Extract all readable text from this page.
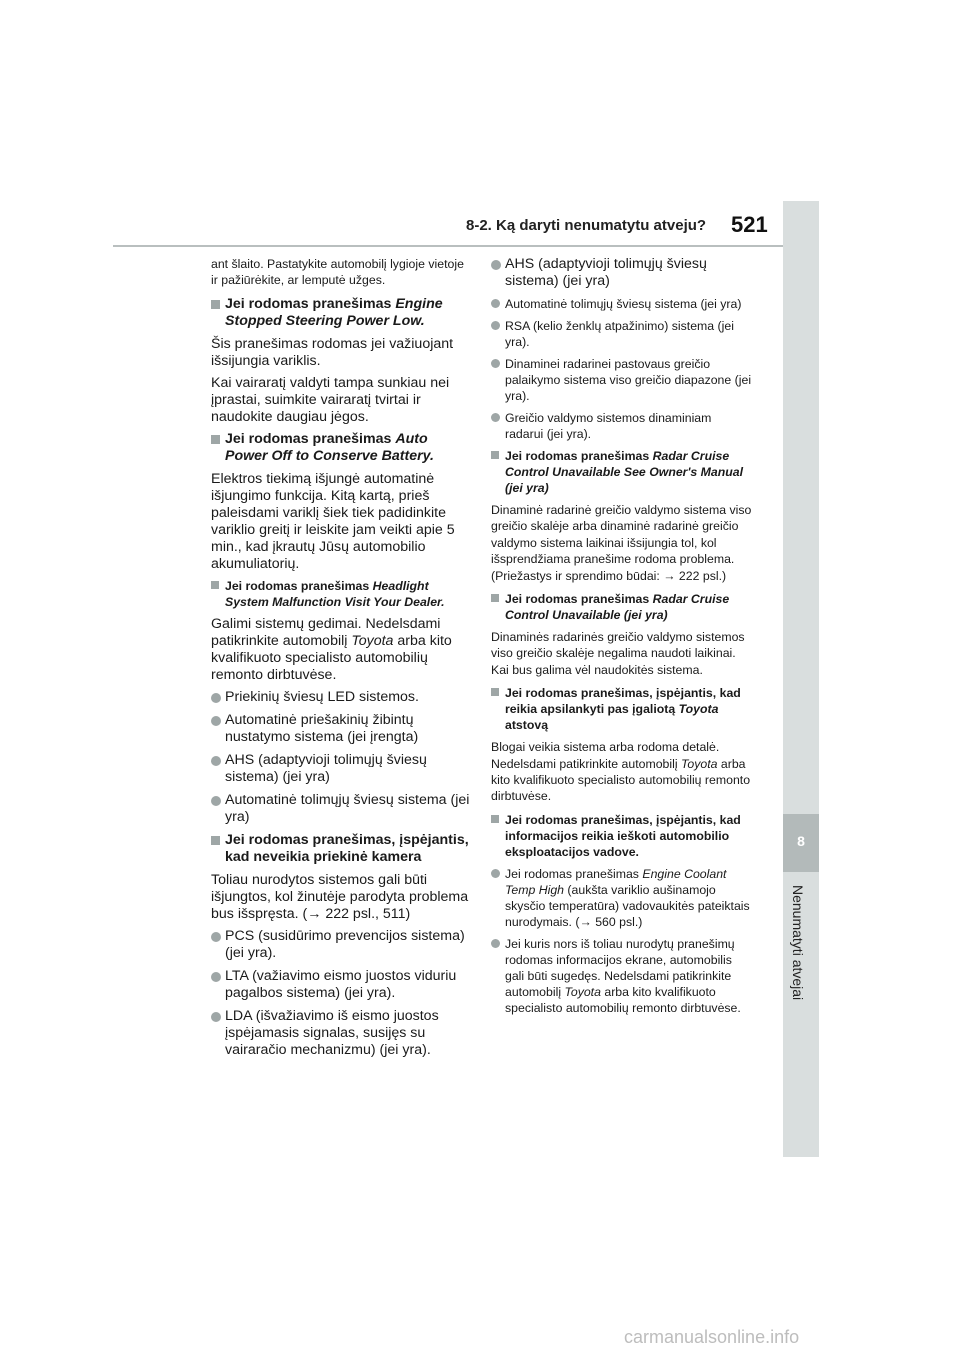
8-2. Ką daryti nenumatytu atveju? 521
8
Nenumatyti atvejai

ant šlaito. Pastatykite automobilį lygioje vietoje ir pažiūrėkite, ar lemputė užges.

Jei rodomas pranešimas Engine Stopped Steering Power Low.

Šis pranešimas rodomas jei važiuojant išsijungia variklis.

Kai vairaratį valdyti tampa sunkiau nei įprastai, suimkite vairaratį tvirtai ir naudokite daugiau jėgos.

Jei rodomas pranešimas Auto Power Off to Conserve Battery.

Elektros tiekimą išjungė automatinė išjungimo funkcija. Kitą kartą, prieš paleisdami variklį šiek tiek padidinkite variklio greitį ir leiskite jam veikti apie 5 min., kad įkrautų Jūsų automobilio akumuliatorių.

Jei rodomas pranešimas Headlight System Malfunction Visit Your Dealer.

Galimi sistemų gedimai. Nedelsdami patikrinkite automobilį Toyota arba kito kvalifikuoto specialisto automobilių remonto dirbtuvėse.

Priekinių šviesų LED sistemos.
Automatinė priešakinių žibintų nustatymo sistema (jei įrengta)
AHS (adaptyvioji tolimųjų šviesų sistema) (jei yra)
Automatinė tolimųjų šviesų sistema (jei yra)
Jei rodomas pranešimas, įspėjantis, kad neveikia priekinė kamera

Toliau nurodytos sistemos gali būti išjungtos, kol žinutėje parodyta problema bus išspręsta. (→ 222 psl., 511)

PCS (susidūrimo prevencijos sistema) (jei yra).
LTA (važiavimo eismo juostos viduriu pagalbos sistema) (jei yra).
LDA (išvažiavimo iš eismo juostos įspėjamasis signalas, susijęs su vairaračio mechanizmu) (jei yra).
AHS (adaptyvioji tolimųjų šviesų sistema) (jei yra)
Automatinė tolimųjų šviesų sistema (jei yra)
RSA (kelio ženklų atpažinimo) sistema (jei yra).
Dinaminei radarinei pastovaus greičio palaikymo sistema viso greičio diapazone (jei yra).
Greičio valdymo sistemos dinaminiam radarui (jei yra).
Jei rodomas pranešimas Radar Cruise Control Unavailable See Owner's Manual (jei yra)

Dinaminė radarinė greičio valdymo sistema viso greičio skalėje arba dinaminė radarinė greičio valdymo sistema laikinai išsijungia tol, kol išsprendžiama pranešime rodoma problema. (Priežastys ir sprendimo būdai: → 222 psl.)

Jei rodomas pranešimas Radar Cruise Control Unavailable (jei yra)

Dinaminės radarinės greičio valdymo sistemos viso greičio skalėje negalima naudoti laikinai. Kai bus galima vėl naudokitės sistema.

Jei rodomas pranešimas, įspėjantis, kad reikia apsilankyti pas įgaliotą Toyota atstovą

Blogai veikia sistema arba rodoma detalė. Nedelsdami patikrinkite automobilį Toyota arba kito kvalifikuoto specialisto automobilių remonto dirbtuvėse.

Jei rodomas pranešimas, įspėjantis, kad informacijos reikia ieškoti automobilio eksploatacijos vadove.
Jei rodomas pranešimas Engine Coolant Temp High (aukšta variklio aušinamojo skysčio temperatūra) vadovaukitės pateiktais nurodymais. (→ 560 psl.)
Jei kuris nors iš toliau nurodytų pranešimų rodomas informacijos ekrane, automobilis gali būti sugedęs. Nedelsdami patikrinkite automobilį Toyota arba kito kvalifikuoto specialisto automobilių remonto dirbtuvėse.
carmanualsonline.info
